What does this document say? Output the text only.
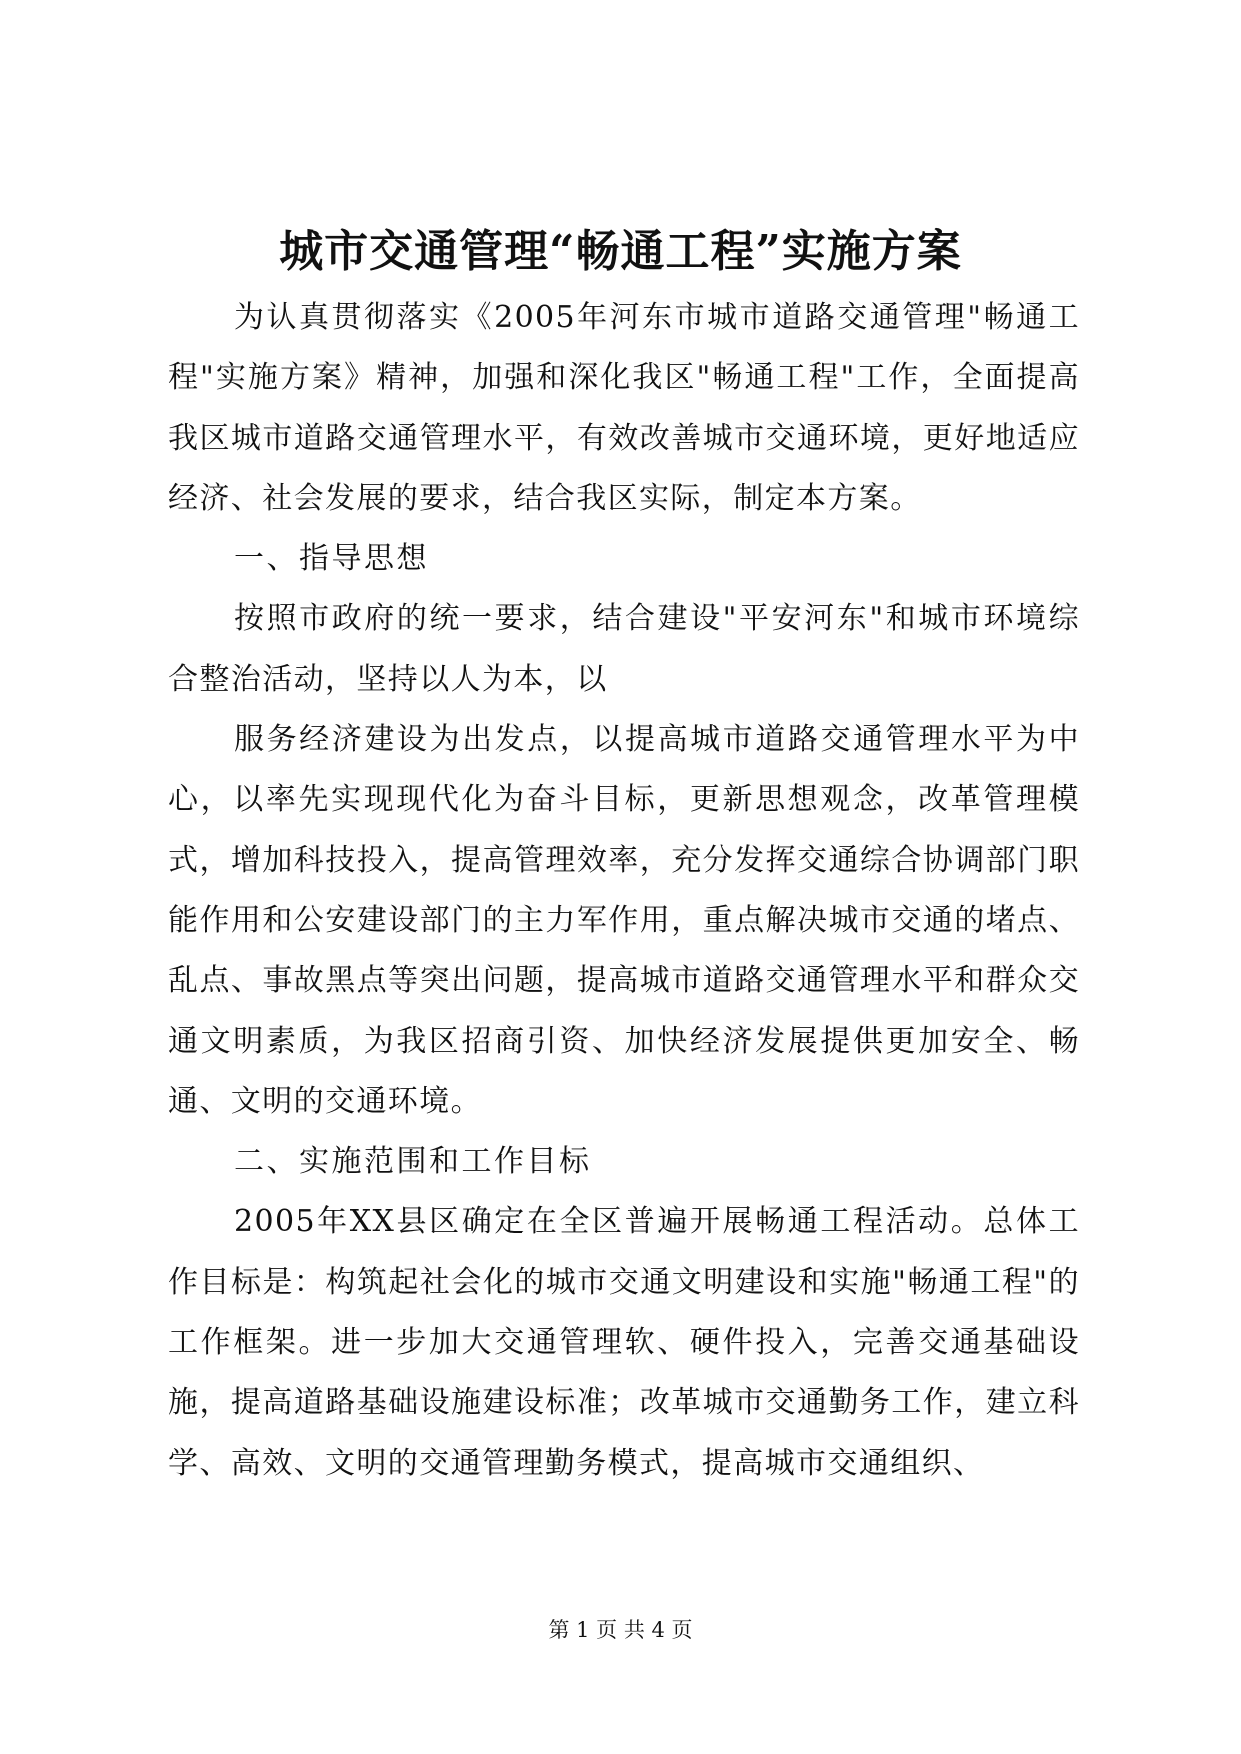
城市交通管理“畅通工程”实施方案

为认真贯彻落实《2005年河东市城市道路交通管理"畅通工程"实施方案》精神，加强和深化我区"畅通工程"工作，全面提高我区城市道路交通管理水平，有效改善城市交通环境，更好地适应经济、社会发展的要求，结合我区实际，制定本方案。

一、指导思想

按照市政府的统一要求，结合建设"平安河东"和城市环境综合整治活动，坚持以人为本，以

服务经济建设为出发点，以提高城市道路交通管理水平为中心，以率先实现现代化为奋斗目标，更新思想观念，改革管理模式，增加科技投入，提高管理效率，充分发挥交通综合协调部门职能作用和公安建设部门的主力军作用，重点解决城市交通的堵点、乱点、事故黑点等突出问题，提高城市道路交通管理水平和群众交通文明素质，为我区招商引资、加快经济发展提供更加安全、畅通、文明的交通环境。

二、实施范围和工作目标

2005年XX县区确定在全区普遍开展畅通工程活动。总体工作目标是：构筑起社会化的城市交通文明建设和实施"畅通工程"的工作框架。进一步加大交通管理软、硬件投入，完善交通基础设施，提高道路基础设施建设标准；改革城市交通勤务工作，建立科学、高效、文明的交通管理勤务模式，提高城市交通组织、

第 1 页 共 4 页
